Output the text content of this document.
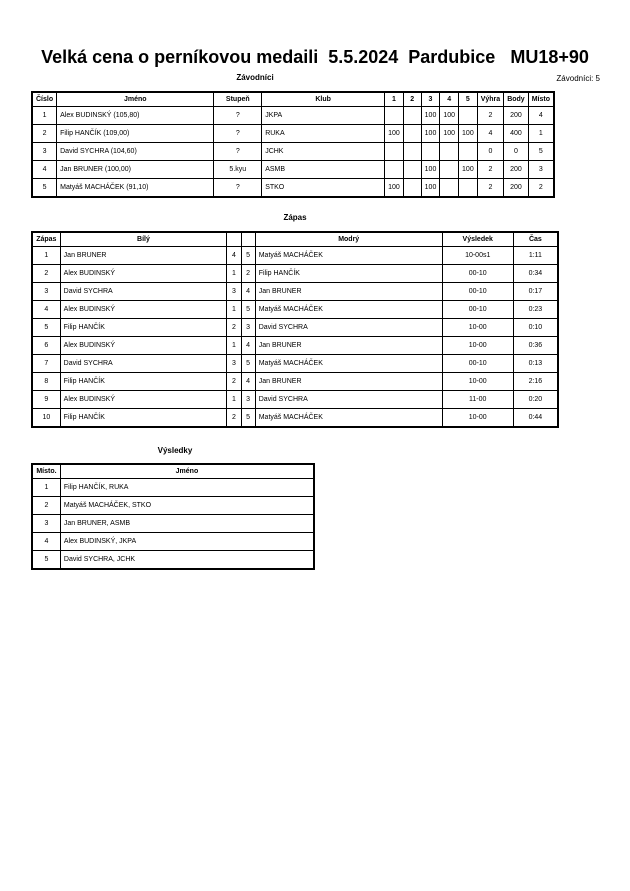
Velká cena o perníkovou medaili  5.5.2024  Pardubice   MU18+90
Závodníci	Závodníci: 5
Číslo	Jméno	Stupeň	Klub	1	2	3	4	5	Výhra	Body	Místo
1	Alex BUDINSKÝ (105,80)	?	JKPA			100	100		2	200	4
2	Filip HANČÍK (109,00)	?	RUKA	100		100	100	100	4	400	1
3	David SYCHRA (104,60)	?	JCHK						0	0	5
4	Jan BRUNER (100,00)	5.kyu	ASMB			100		100	2	200	3
5	Matyáš MACHÁČEK (91,10)	?	STKO	100		100			2	200	2
Zápas
Zápas	Bílý			Modrý	Výsledek	Čas
1	Jan BRUNER	4	5	Matyáš MACHÁČEK	10-00s1	1:11
2	Alex BUDINSKÝ	1	2	Filip HANČÍK	00-10	0:34
3	David SYCHRA	3	4	Jan BRUNER	00-10	0:17
4	Alex BUDINSKÝ	1	5	Matyáš MACHÁČEK	00-10	0:23
5	Filip HANČÍK	2	3	David SYCHRA	10-00	0:10
6	Alex BUDINSKÝ	1	4	Jan BRUNER	10-00	0:36
7	David SYCHRA	3	5	Matyáš MACHÁČEK	00-10	0:13
8	Filip HANČÍK	2	4	Jan BRUNER	10-00	2:16
9	Alex BUDINSKÝ	1	3	David SYCHRA	11-00	0:20
10	Filip HANČÍK	2	5	Matyáš MACHÁČEK	10-00	0:44
Výsledky
Místo.	Jméno
1	Filip HANČÍK, RUKA
2	Matyáš MACHÁČEK, STKO
3	Jan BRUNER, ASMB
4	Alex BUDINSKÝ, JKPA
5	David SYCHRA, JCHK
